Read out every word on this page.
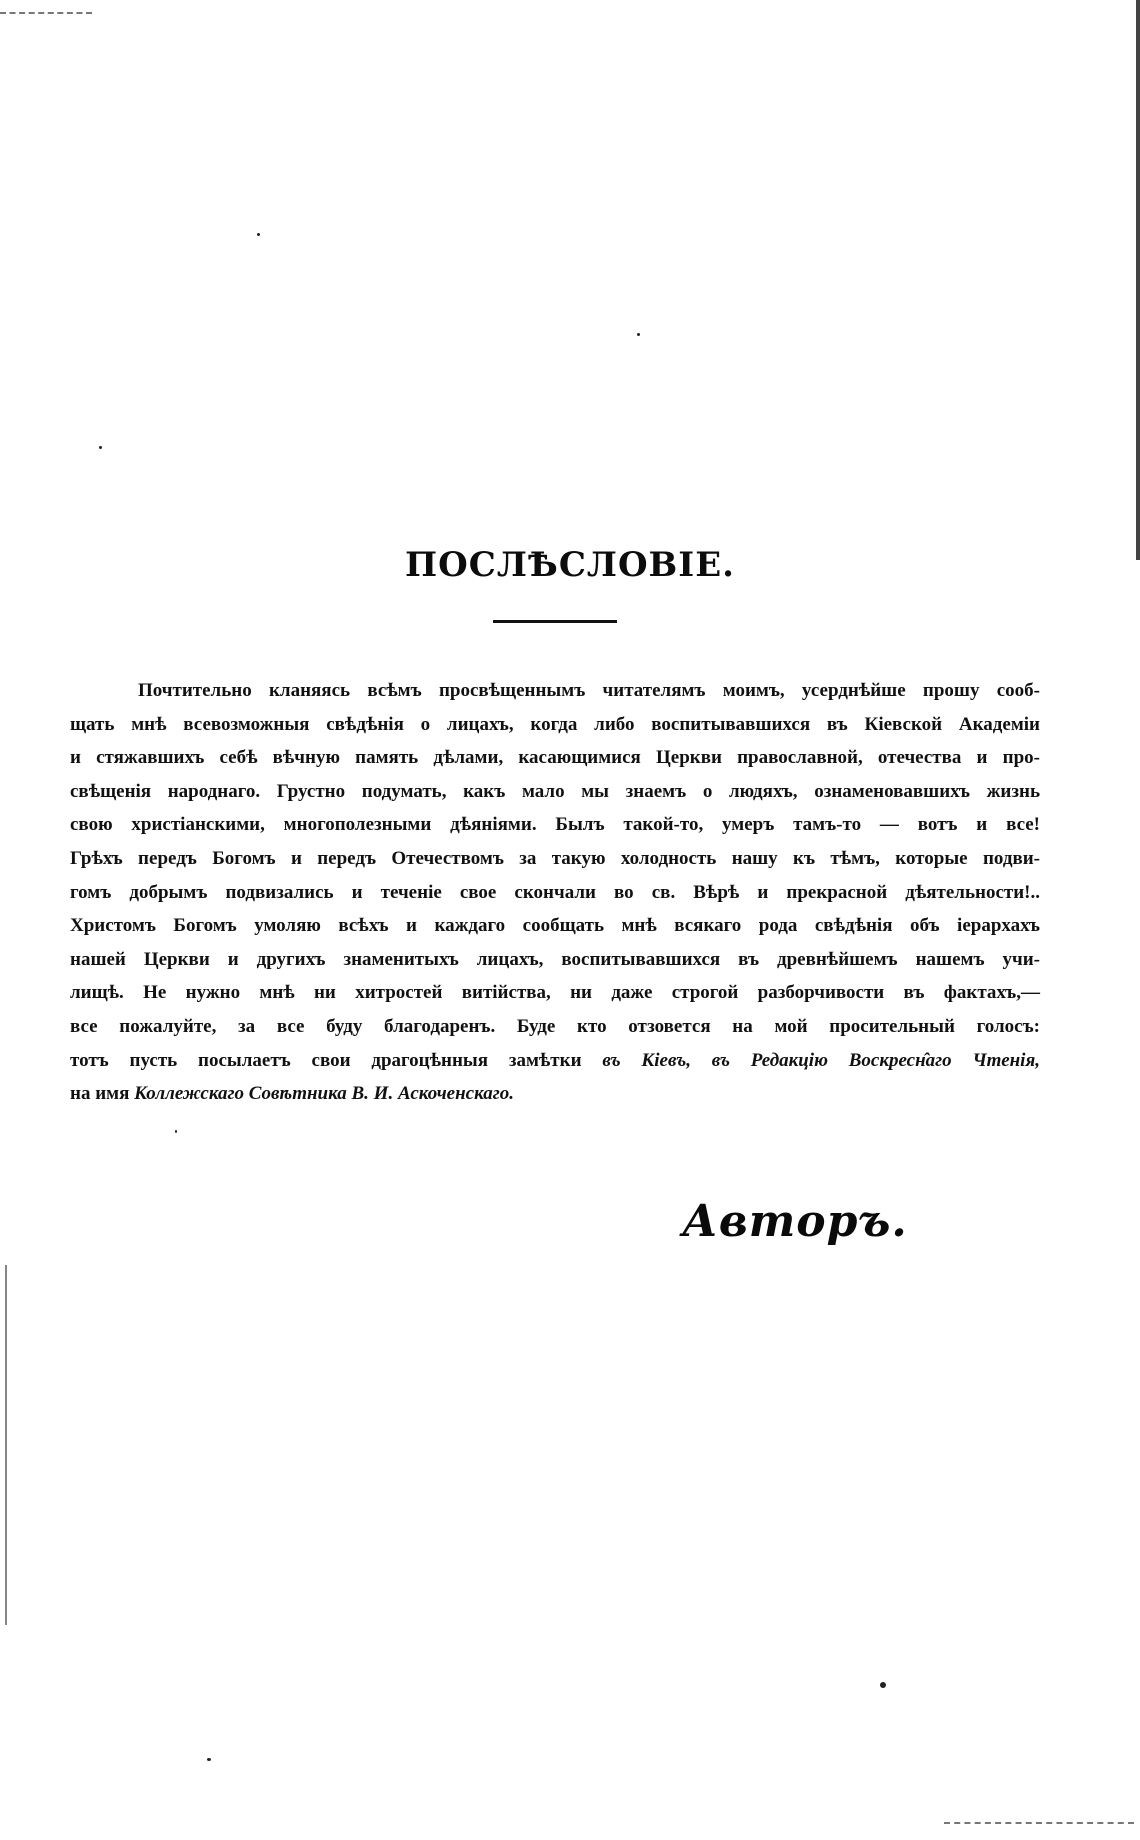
ПОСЛѢСЛОВІЕ.
Почтительно кланяясь всѣмъ просвѣщеннымъ читателямъ моимъ, усерднѣйше прошу сооб-
щать мнѣ всевозможныя свѣдѣнія о лицахъ, когда либо воспитывавшихся въ Кіевской Академіи
и стяжавшихъ себѣ вѣчную память дѣлами, касающимися Церкви православной, отечества и про-
свѣщенія народнаго. Грустно подумать, какъ мало мы знаемъ о людяхъ, ознаменовавшихъ жизнь
свою христіанскими, многополезными дѣяніями. Былъ такой-то, умеръ тамъ-то — вотъ и все!
Грѣхъ передъ Богомъ и передъ Отечествомъ за такую холодность нашу къ тѣмъ, которые подви-
гомъ добрымъ подвизались и теченіе свое скончали во св. Вѣрѣ и прекрасной дѣятельности!..
Христомъ Богомъ умоляю всѣхъ и каждаго сообщать мнѣ всякаго рода свѣдѣнія объ іерархахъ
нашей Церкви и другихъ знаменитыхъ лицахъ, воспитывавшихся въ древнѣйшемъ нашемъ учи-
лищѣ. Не нужно мнѣ ни хитростей витійства, ни даже строгой разборчивости въ фактахъ,—
все пожалуйте, за все буду благодаренъ. Буде кто отзовется на мой просительный голосъ:
тотъ пусть посылаетъ свои драгоцѣнныя замѣтки въ Кіевъ, въ Редакцію Воскресн̂аго Чтенія,
на имя Коллежскаго Совѣтника В. И. Аскоченскаго.
Авторъ.
